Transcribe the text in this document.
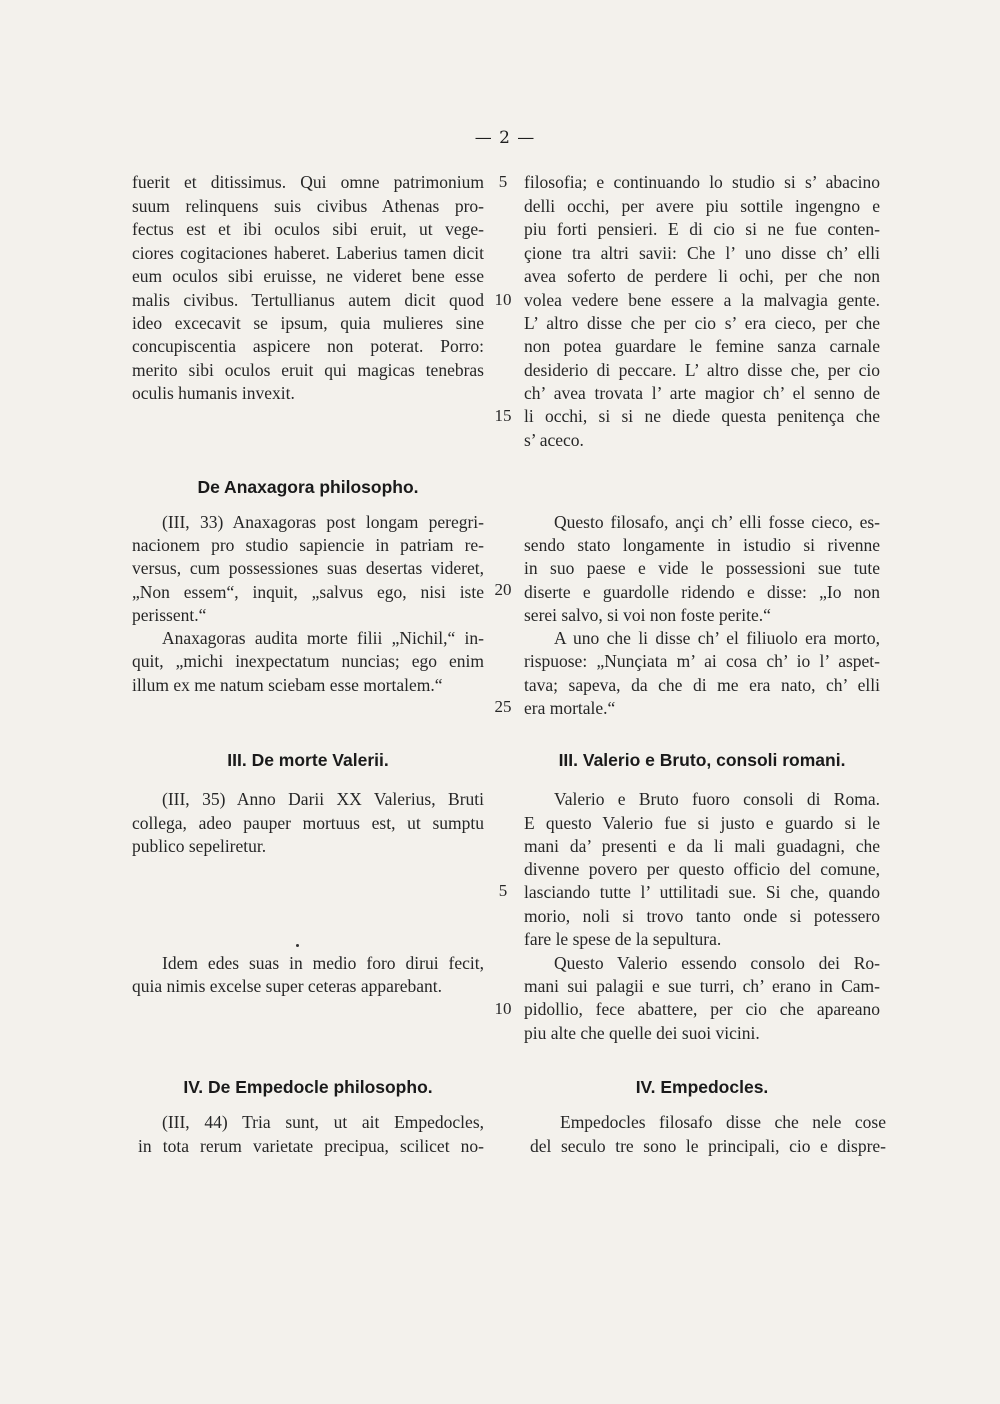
— 2 —
5
10
15
20
25
5
10
fuerit et ditissimus. Qui omne patrimonium
suum relinquens suis civibus Athenas pro-
fectus est et ibi oculos sibi eruit, ut vege-
ciores cogitaciones haberet. Laberius tamen dicit
eum oculos sibi eruisse, ne videret bene esse
malis civibus. Tertullianus autem dicit quod
ideo excecavit se ipsum, quia mulieres sine
concupiscentia aspicere non poterat. Porro:
merito sibi oculos eruit qui magicas tenebras
oculis humanis invexit.
filosofia; e continuando lo studio si s’ abacino
delli occhi, per avere piu sottile ingengno e
piu forti pensieri. E di cio si ne fue conten-
çione tra altri savii: Che l’ uno disse ch’ elli
avea soferto de perdere li ochi, per che non
volea vedere bene essere a la malvagia gente.
L’ altro disse che per cio s’ era cieco, per che
non potea guardare le femine sanza carnale
desiderio di peccare. L’ altro disse che, per cio
ch’ avea trovata l’ arte magior ch’ el senno de
li occhi, si si ne diede questa penitença che
s’ aceco.
De Anaxagora philosopho.
(III, 33) Anaxagoras post longam peregri-
nacionem pro studio sapiencie in patriam re-
versus, cum possessiones suas desertas videret,
„Non essem“, inquit, „salvus ego, nisi iste
perissent.“
Anaxagoras audita morte filii „Nichil,“ in-
quit, „michi inexpectatum nuncias; ego enim
illum ex me natum sciebam esse mortalem.“
Questo filosafo, ançi ch’ elli fosse cieco, es-
sendo stato longamente in istudio si rivenne
in suo paese e vide le possessioni sue tute
diserte e guardolle ridendo e disse: „Io non
serei salvo, si voi non foste perite.“
A uno che li disse ch’ el filiuolo era morto,
rispuose: „Nunçiata m’ ai cosa ch’ io l’ aspet-
tava; sapeva, da che di me era nato, ch’ elli
era mortale.“
III. De morte Valerii.	III. Valerio e Bruto, consoli romani.
(III, 35) Anno Darii XX Valerius, Bruti
collega, adeo pauper mortuus est, ut sumptu
publico sepeliretur.
Idem edes suas in medio foro dirui fecit,
quia nimis excelse super ceteras apparebant.
Valerio e Bruto fuoro consoli di Roma.
E questo Valerio fue si justo e guardo si le
mani da’ presenti e da li mali guadagni, che
divenne povero per questo officio del comune,
lasciando tutte l’ uttilitadi sue. Si che, quando
morio, noli si trovo tanto onde si potessero
fare le spese de la sepultura.
Questo Valerio essendo consolo dei Ro-
mani sui palagii e sue turri, ch’ erano in Cam-
pidollio, fece abattere, per cio che apareano
piu alte che quelle dei suoi vicini.
IV. De Empedocle philosopho.	IV. Empedocles.
(III, 44) Tria sunt, ut ait Empedocles,
in tota rerum varietate precipua, scilicet no-
Empedocles filosafo disse che nele cose
del seculo tre sono le principali, cio e dispre-
